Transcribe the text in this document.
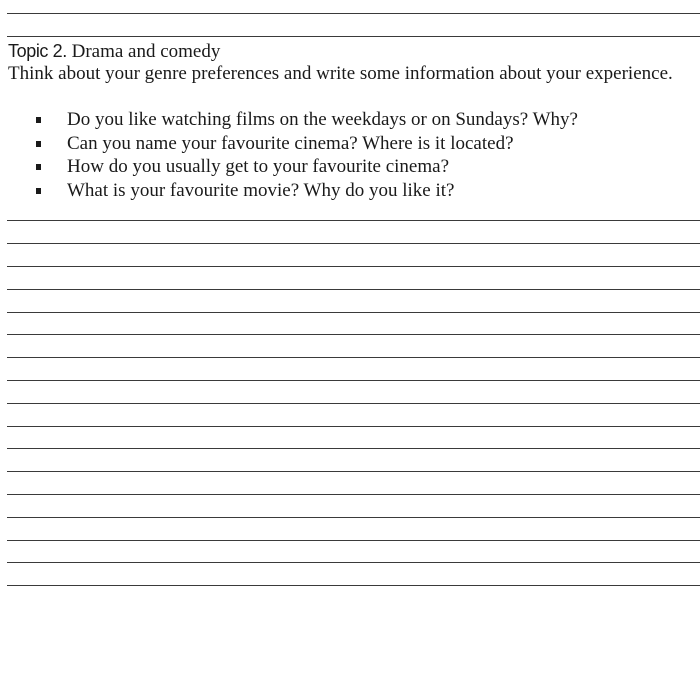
Topic 2. Drama and comedy
Think about your genre preferences and write some information about your experience.
Do you like watching films on the weekdays or on Sundays? Why?
Can you name your favourite cinema? Where is it located?
How do you usually get to your favourite cinema?
What is your favourite movie? Why do you like it?
